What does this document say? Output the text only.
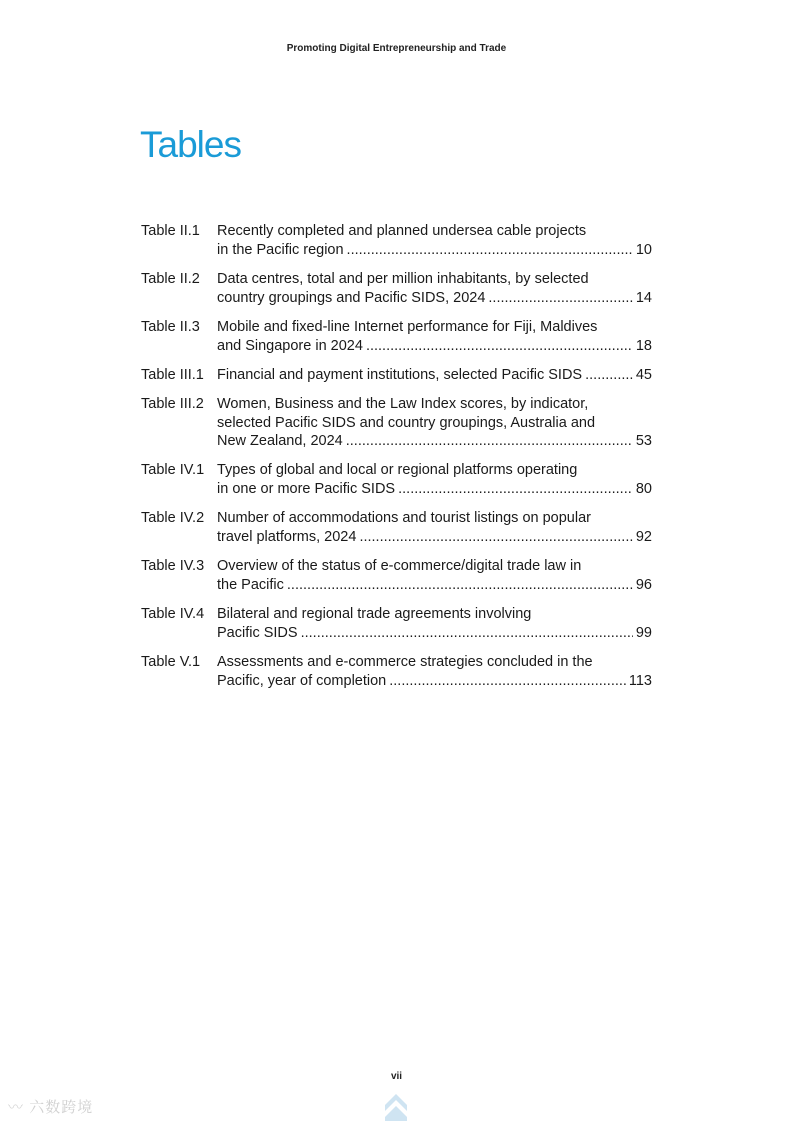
Promoting Digital Entrepreneurship and Trade
Tables
Table II.1	Recently completed and planned undersea cable projects
in the Pacific region .....	10
Table II.2	Data centres, total and per million inhabitants, by selected
country groupings and Pacific SIDS, 2024 .....	14
Table II.3	Mobile and fixed-line Internet performance for Fiji, Maldives
and Singapore in 2024 .....	18
Table III.1 Financial and payment institutions, selected Pacific SIDS .....	45
Table III.2 Women, Business and the Law Index scores, by indicator,
selected Pacific SIDS and country groupings, Australia and
New Zealand, 2024 .....	53
Table IV.1 Types of global and local or regional platforms operating
in one or more Pacific SIDS .....	80
Table IV.2 Number of accommodations and tourist listings on popular
travel platforms, 2024 .....	92
Table IV.3 Overview of the status of e-commerce/digital trade law in
the Pacific .....	96
Table IV.4 Bilateral and regional trade agreements involving
Pacific SIDS .....	99
Table V.1	Assessments and e-commerce strategies concluded in the
Pacific, year of completion .....	113
vii
〰 六数跨境
